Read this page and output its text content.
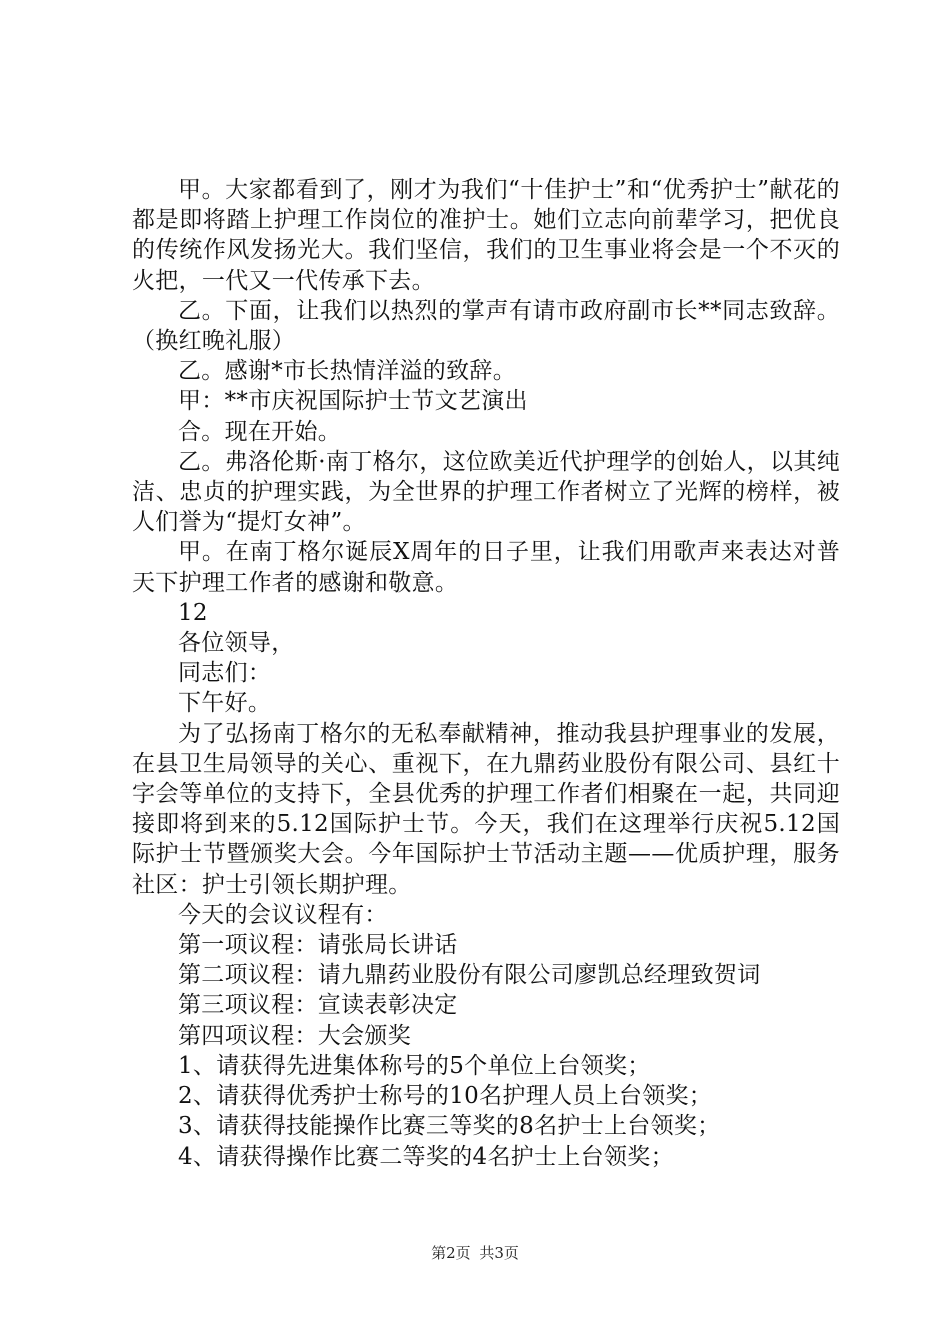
甲。大家都看到了，刚才为我们“十佳护士”和“优秀护士”献花的都是即将踏上护理工作岗位的准护士。她们立志向前辈学习，把优良的传统作风发扬光大。我们坚信，我们的卫生事业将会是一个不灭的火把，一代又一代传承下去。

乙。下面，让我们以热烈的掌声有请市政府副市长**同志致辞。（换红晚礼服）

乙。感谢*市长热情洋溢的致辞。

甲：**市庆祝国际护士节文艺演出

合。现在开始。

乙。弗洛伦斯·南丁格尔，这位欧美近代护理学的创始人，以其纯洁、忠贞的护理实践，为全世界的护理工作者树立了光辉的榜样，被人们誉为“提灯女神”。

甲。在南丁格尔诞辰X周年的日子里，让我们用歌声来表达对普天下护理工作者的感谢和敬意。

12

各位领导，

同志们：

下午好。

为了弘扬南丁格尔的无私奉献精神，推动我县护理事业的发展，在县卫生局领导的关心、重视下，在九鼎药业股份有限公司、县红十字会等单位的支持下，全县优秀的护理工作者们相聚在一起，共同迎接即将到来的5.12国际护士节。今天，我们在这理举行庆祝5.12国际护士节暨颁奖大会。今年国际护士节活动主题——优质护理，服务社区：护士引领长期护理。

今天的会议议程有：

第一项议程：请张局长讲话

第二项议程：请九鼎药业股份有限公司廖凯总经理致贺词

第三项议程：宣读表彰决定

第四项议程：大会颁奖

1、请获得先进集体称号的5个单位上台领奖；

2、请获得优秀护士称号的10名护理人员上台领奖；

3、请获得技能操作比赛三等奖的8名护士上台领奖；

4、请获得操作比赛二等奖的4名护士上台领奖；

第2页 共3页
